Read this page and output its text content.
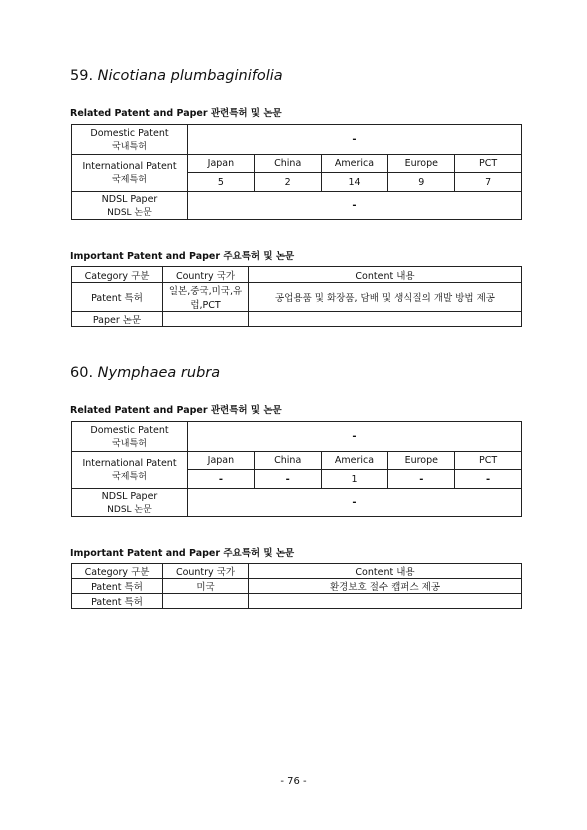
59. Nicotiana plumbaginifolia
Related Patent and Paper 관련특허 및 논문
Domestic Patent
국내특허	-				

International Patent
국제특허	Japan	China	America	Europe	PCT
	5	2	14	9	7

NDSL Paper
NDSL 논문	-				
Important Patent and Paper 주요특허 및 논문
Category 구분	Country 국가	Content 내용
Patent 특허	일본,중국,미국,유럽,PCT	공업용품 및 화장품, 담배 및 생식질의 개발 방법 제공
Paper 논문		
60. Nymphaea rubra
Related Patent and Paper 관련특허 및 논문
Domestic Patent
국내특허	-				

International Patent
국제특허	Japan	China	America	Europe	PCT
	-	-	1	-	-

NDSL Paper
NDSL 논문	-				
Important Patent and Paper 주요특허 및 논문
Category 구분	Country 국가	Content 내용
Patent 특허	미국	환경보호 절수 캡퍼스 제공
Patent 특허		
- 76 -
